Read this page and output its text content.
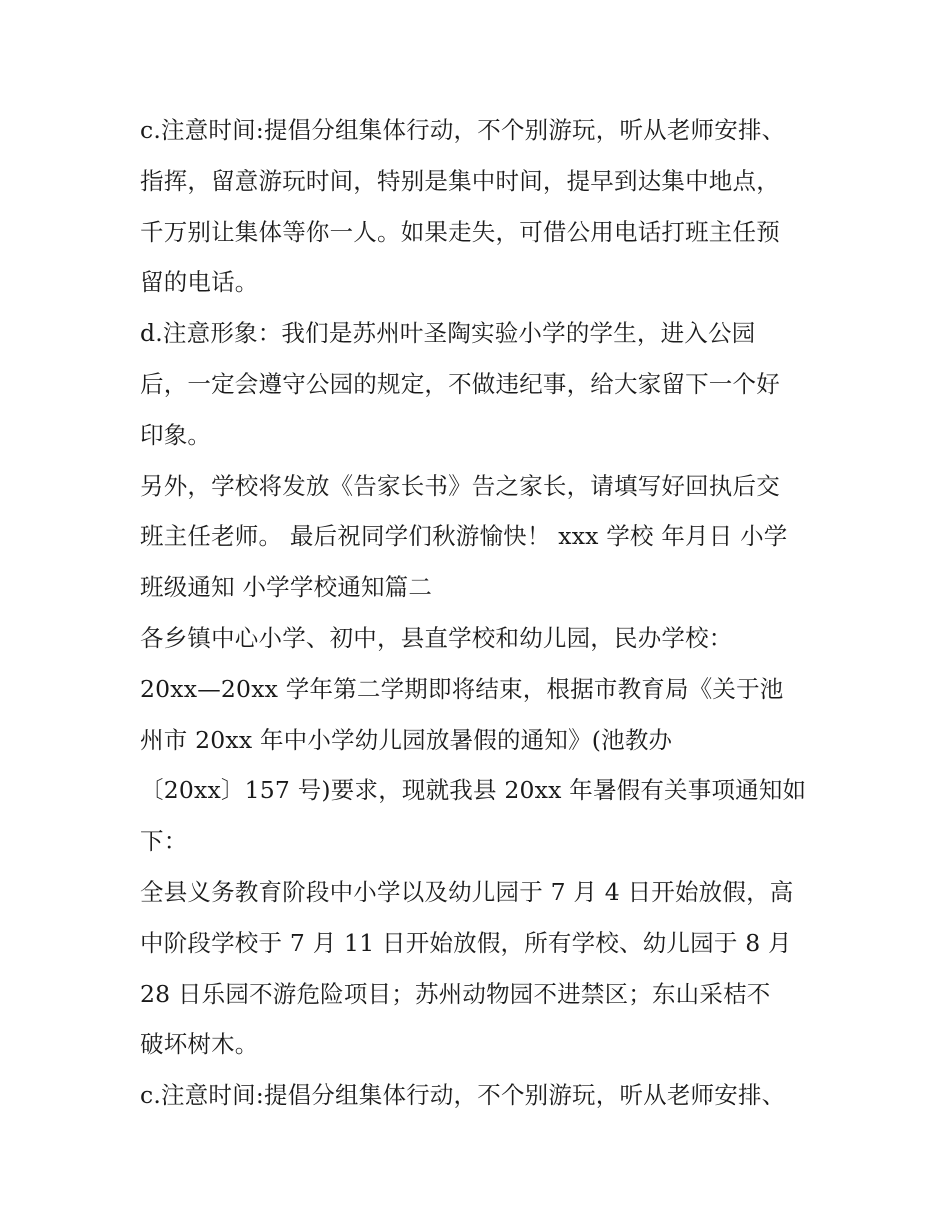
c.注意时间:提倡分组集体行动，不个别游玩，听从老师安排、
指挥，留意游玩时间，特别是集中时间，提早到达集中地点，
千万别让集体等你一人。如果走失，可借公用电话打班主任预
留的电话。
d.注意形象：我们是苏州叶圣陶实验小学的学生，进入公园
后，一定会遵守公园的规定，不做违纪事，给大家留下一个好
印象。
另外，学校将发放《告家长书》告之家长，请填写好回执后交
班主任老师。 最后祝同学们秋游愉快！ xxx 学校 年月日 小学
班级通知 小学学校通知篇二
各乡镇中心小学、初中，县直学校和幼儿园，民办学校：
20xx—20xx 学年第二学期即将结束，根据市教育局《关于池
州市 20xx 年中小学幼儿园放暑假的通知》(池教办
〔20xx〕157 号)要求，现就我县 20xx 年暑假有关事项通知如
下：
全县义务教育阶段中小学以及幼儿园于 7 月 4 日开始放假，高
中阶段学校于 7 月 11 日开始放假，所有学校、幼儿园于 8 月
28 日乐园不游危险项目；苏州动物园不进禁区；东山采桔不
破坏树木。
c.注意时间:提倡分组集体行动，不个别游玩，听从老师安排、
